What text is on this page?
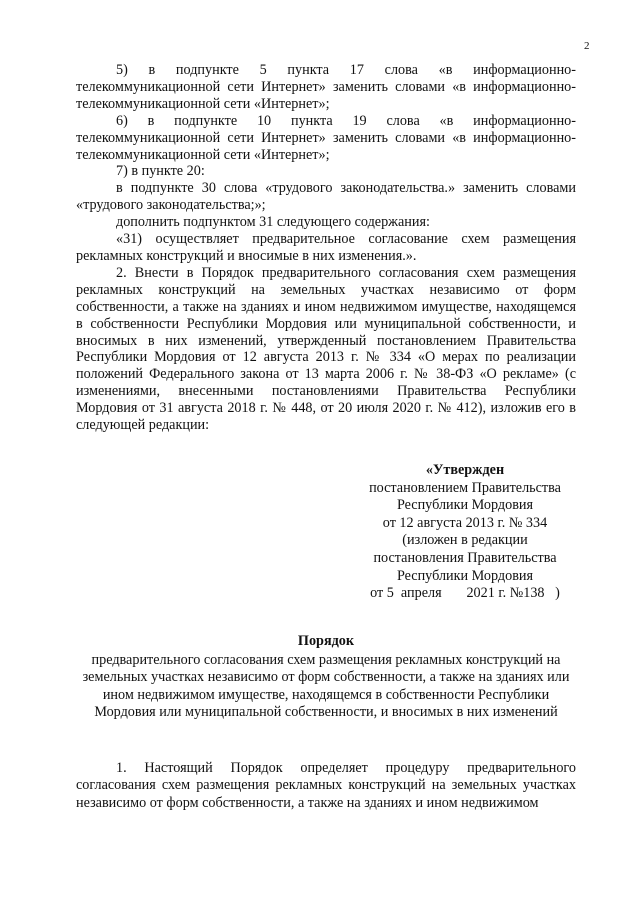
2

5) в подпункте 5 пункта 17 слова «в информационно-телекоммуникационной сети Интернет» заменить словами «в информационно-телекоммуникационной сети «Интернет»;

6) в подпункте 10 пункта 19 слова «в информационно-телекоммуникационной сети Интернет» заменить словами «в информационно-телекоммуникационной сети «Интернет»;

7) в пункте 20:

в подпункте 30 слова «трудового законодательства.» заменить словами «трудового законодательства;»;

дополнить подпунктом 31 следующего содержания:

«31) осуществляет предварительное согласование схем размещения рекламных конструкций и вносимые в них изменения.».

2. Внести в Порядок предварительного согласования схем размещения рекламных конструкций на земельных участках независимо от форм собственности, а также на зданиях и ином недвижимом имуществе, находящемся в собственности Республики Мордовия или муниципальной собственности, и вносимых в них изменений, утвержденный постановлением Правительства Республики Мордовия от 12 августа 2013 г. № 334 «О мерах по реализации положений Федерального закона от 13 марта 2006 г. № 38-ФЗ «О рекламе» (с изменениями, внесенными постановлениями Правительства Республики Мордовия от 31 августа 2018 г. № 448, от 20 июля 2020 г. № 412), изложив его в следующей редакции:

«Утвержден
постановлением Правительства
Республики Мордовия
от 12 августа 2013 г. № 334
(изложен в редакции
постановления Правительства
Республики Мордовия
от 5  апреля       2021 г. №138   )
Порядок
предварительного согласования схем размещения рекламных конструкций на земельных участках независимо от форм собственности, а также на зданиях или ином недвижимом имуществе, находящемся в собственности Республики Мордовия или муниципальной собственности, и вносимых в них изменений

1. Настоящий Порядок определяет процедуру предварительного согласования схем размещения рекламных конструкций на земельных участках независимо от форм собственности, а также на зданиях и ином недвижимом
